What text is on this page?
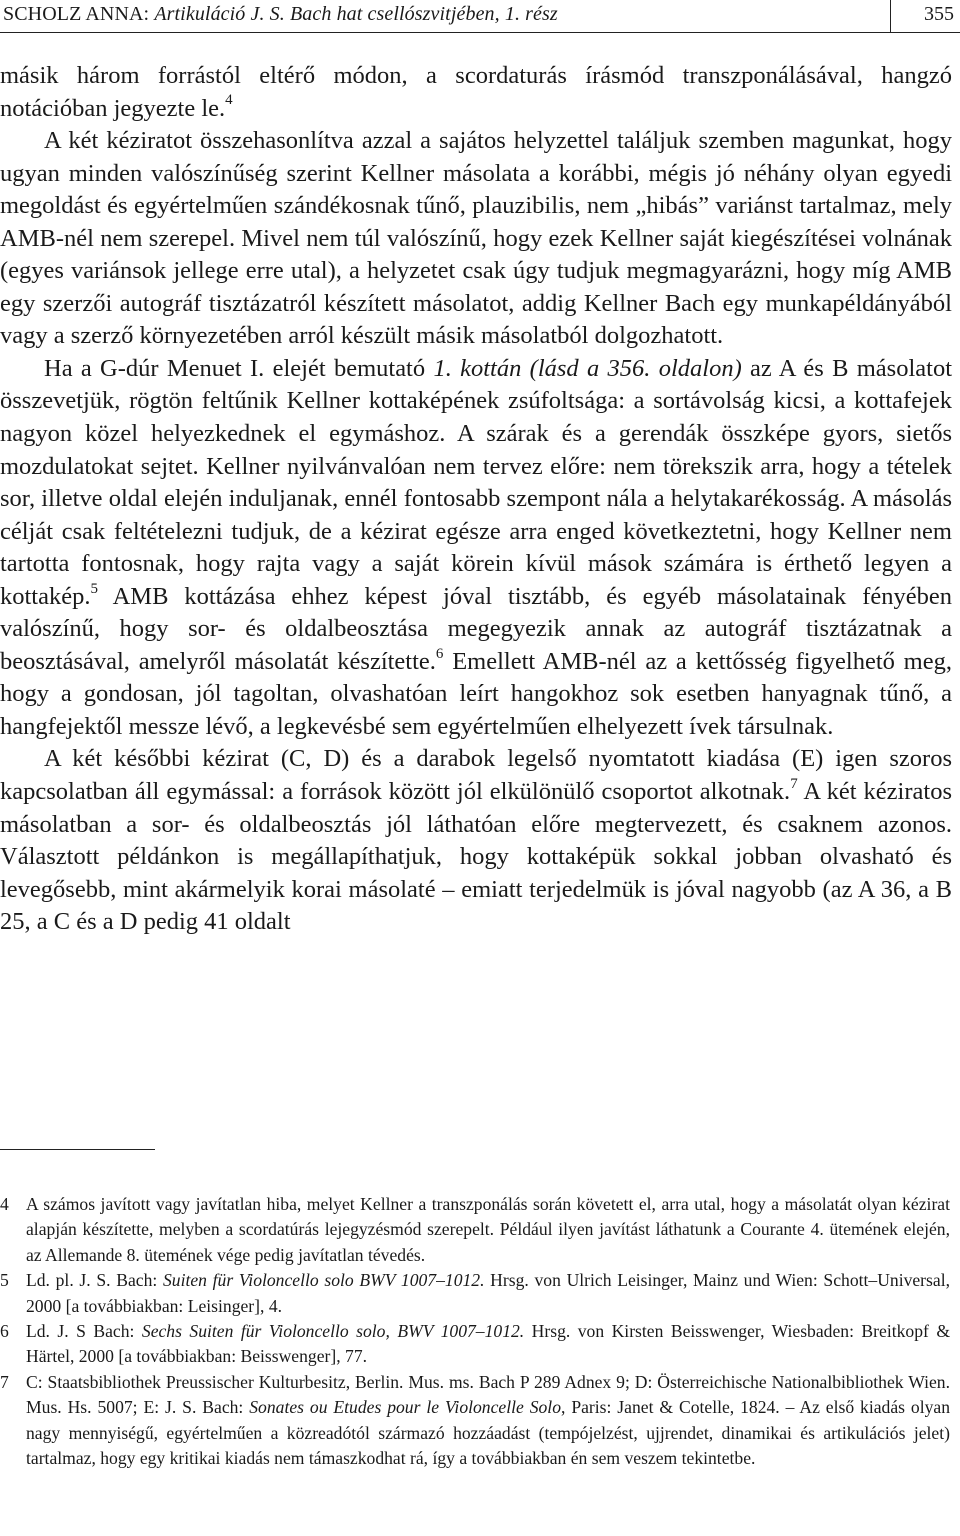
SCHOLZ ANNA: Artikuláció J. S. Bach hat csellószvitjében, 1. rész	355

másik három forrástól eltérő módon, a scordaturás írásmód transzponálásával, hangzó notációban jegyezte le.$^4$

A két kéziratot összehasonlítva azzal a sajátos helyzettel találjuk szemben magunkat, hogy ugyan minden valószínűség szerint Kellner másolata a korábbi, mégis jó néhány olyan egyedi megoldást és egyértelműen szándékosnak tűnő, plauzibilis, nem „hibás” variánst tartalmaz, mely AMB-nél nem szerepel. Mivel nem túl valószínű, hogy ezek Kellner saját kiegészítései volnának (egyes variánsok jellege erre utal), a helyzetet csak úgy tudjuk megmagyarázni, hogy míg AMB egy szerzői autográf tisztázatról készített másolatot, addig Kellner Bach egy munkapéldányából vagy a szerző környezetében arról készült másik másolatból dolgozhatott.

Ha a G-dúr Menuet I. elejét bemutató 1. kottán (lásd a 356. oldalon) az A és B másolatot összevetjük, rögtön feltűnik Kellner kottaképének zsúfoltsága: a sortávolság kicsi, a kottafejek nagyon közel helyezkednek el egymáshoz. A szárak és a gerendák összképe gyors, sietős mozdulatokat sejtet. Kellner nyilvánvalóan nem tervez előre: nem törekszik arra, hogy a tételek sor, illetve oldal elején induljanak, ennél fontosabb szempont nála a helytakarékosság. A másolás célját csak feltételezni tudjuk, de a kézirat egésze arra enged következtetni, hogy Kellner nem tartotta fontosnak, hogy rajta vagy a saját körein kívül mások számára is érthető legyen a kottakép.$^5$ AMB kottázása ehhez képest jóval tisztább, és egyéb másolatainak fényében valószínű, hogy sor- és oldalbeosztása megegyezik annak az autográf tisztázatnak a beosztásával, amelyről másolatát készítette.$^6$ Emellett AMB-nél az a kettősség figyelhető meg, hogy a gondosan, jól tagoltan, olvashatóan leírt hangokhoz sok esetben hanyagnak tűnő, a hangfejektől messze lévő, a legkevésbé sem egyértelműen elhelyezett ívek társulnak.

A két későbbi kézirat (C, D) és a darabok legelső nyomtatott kiadása (E) igen szoros kapcsolatban áll egymással: a források között jól elkülönülő csoportot alkotnak.$^7$ A két kéziratos másolatban a sor- és oldalbeosztás jól láthatóan előre megtervezett, és csaknem azonos. Választott példánkon is megállapíthatjuk, hogy kottaképük sokkal jobban olvasható és levegősebb, mint akármelyik korai másolaté – emiatt terjedelmük is jóval nagyobb (az A 36, a B 25, a C és a D pedig 41 oldalt

4 A számos javított vagy javítatlan hiba, melyet Kellner a transzponálás során követett el, arra utal, hogy a másolatát olyan kézirat alapján készítette, melyben a scordatúrás lejegyzésmód szerepelt. Például ilyen javítást láthatunk a Courante 4. ütemének elején, az Allemande 8. ütemének vége pedig javítatlan tévedés.

5 Ld. pl. J. S. Bach: Suiten für Violoncello solo BWV 1007–1012. Hrsg. von Ulrich Leisinger, Mainz und Wien: Schott–Universal, 2000 [a továbbiakban: Leisinger], 4.

6 Ld. J. S Bach: Sechs Suiten für Violoncello solo, BWV 1007–1012. Hrsg. von Kirsten Beisswenger, Wiesbaden: Breitkopf & Härtel, 2000 [a továbbiakban: Beisswenger], 77.

7 C: Staatsbibliothek Preussischer Kulturbesitz, Berlin. Mus. ms. Bach P 289 Adnex 9; D: Österreichische Nationalbibliothek Wien. Mus. Hs. 5007; E: J. S. Bach: Sonates ou Etudes pour le Violoncelle Solo, Paris: Janet & Cotelle, 1824. – Az első kiadás olyan nagy mennyiségű, egyértelműen a közreadótól származó hozzáadást (tempójelzést, ujjrendet, dinamikai és artikulációs jelet) tartalmaz, hogy egy kritikai kiadás nem támaszkodhat rá, így a továbbiakban én sem veszem tekintetbe.
